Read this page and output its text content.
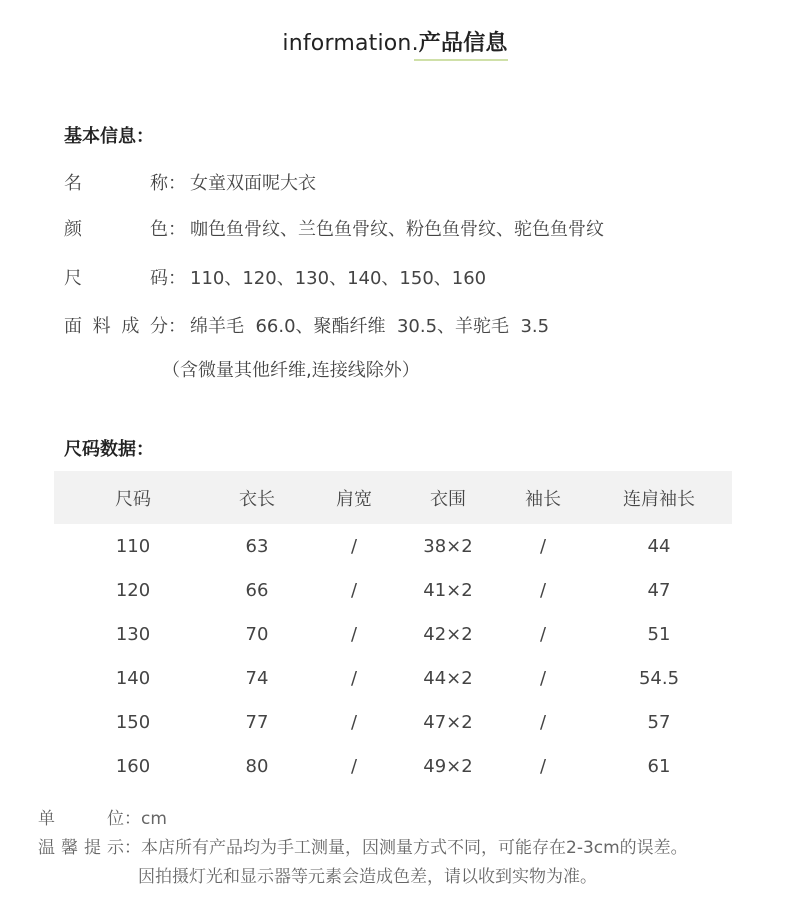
information.产品信息
基本信息：
名称： 女童双面呢大衣
颜色： 咖色鱼骨纹、兰色鱼骨纹、粉色鱼骨纹、驼色鱼骨纹
尺码： 110、120、130、140、150、160
面料成分： 绵羊毛  66.0、聚酯纤维  30.5、羊驼毛  3.5
（含微量其他纤维,连接线除外）
尺码数据：
尺码	衣长	肩宽	衣围	袖长	连肩袖长
110	63	/	38×2	/	44
120	66	/	41×2	/	47
130	70	/	42×2	/	51
140	74	/	44×2	/	54.5
150	77	/	47×2	/	57
160	80	/	49×2	/	61
单位：cm
温馨提示：本店所有产品均为手工测量，因测量方式不同，可能存在2-3cm的误差。
因拍摄灯光和显示器等元素会造成色差，请以收到实物为准。
